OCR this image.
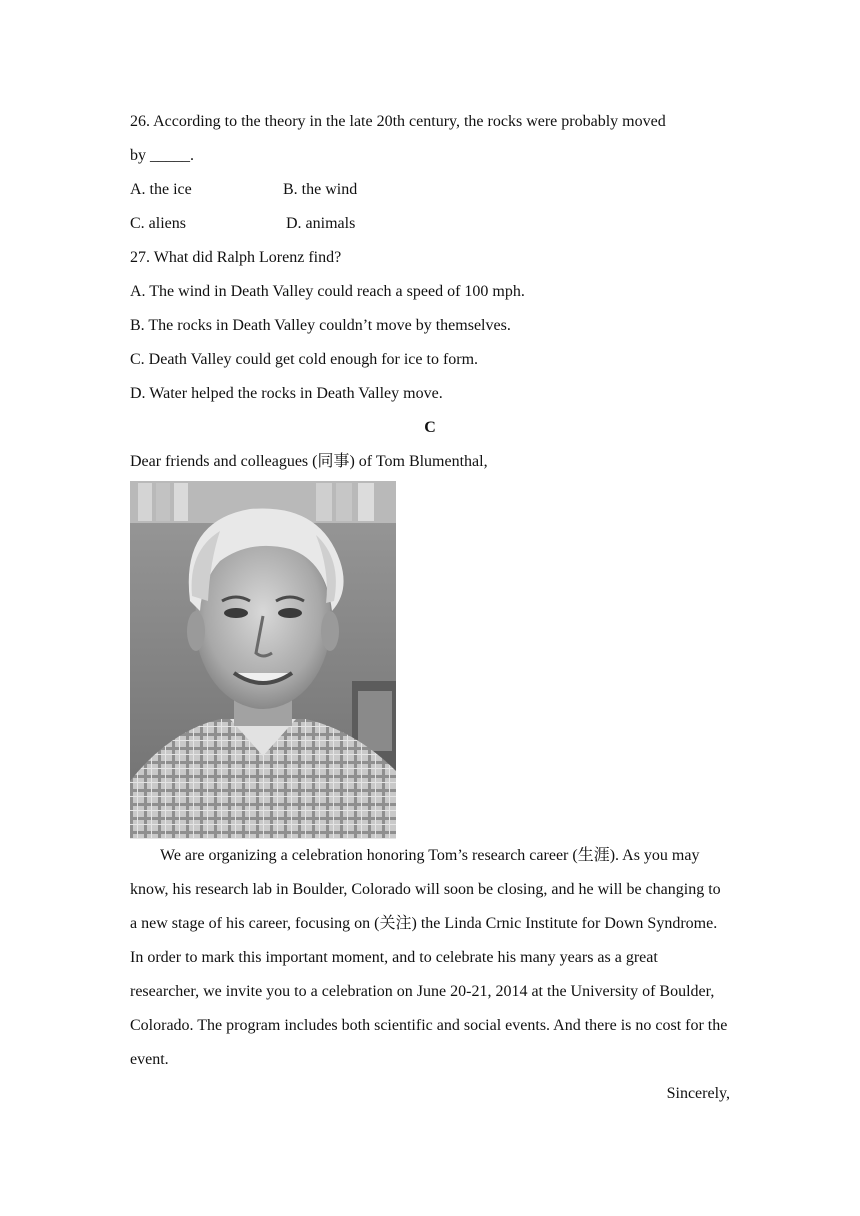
26. According to the theory in the late 20th century, the rocks were probably moved
by _____.
A. the ice	B. the wind
C. aliens	D. animals
27. What did Ralph Lorenz find?
A. The wind in Death Valley could reach a speed of 100 mph.
B. The rocks in Death Valley couldn’t move by themselves.
C. Death Valley could get cold enough for ice to form.
D. Water helped the rocks in Death Valley move.
C
Dear friends and colleagues (同事) of Tom Blumenthal,

We are organizing a celebration honoring Tom’s research career (生涯). As you may know, his research lab in Boulder, Colorado will soon be closing, and he will be changing to a new stage of his career, focusing on (关注) the Linda Crnic Institute for Down Syndrome. In order to mark this important moment, and to celebrate his many years as a great researcher, we invite you to a celebration on June 20-21, 2014 at the University of Boulder, Colorado. The program includes both scientific and social events. And there is no cost for the event.

Sincerely,
